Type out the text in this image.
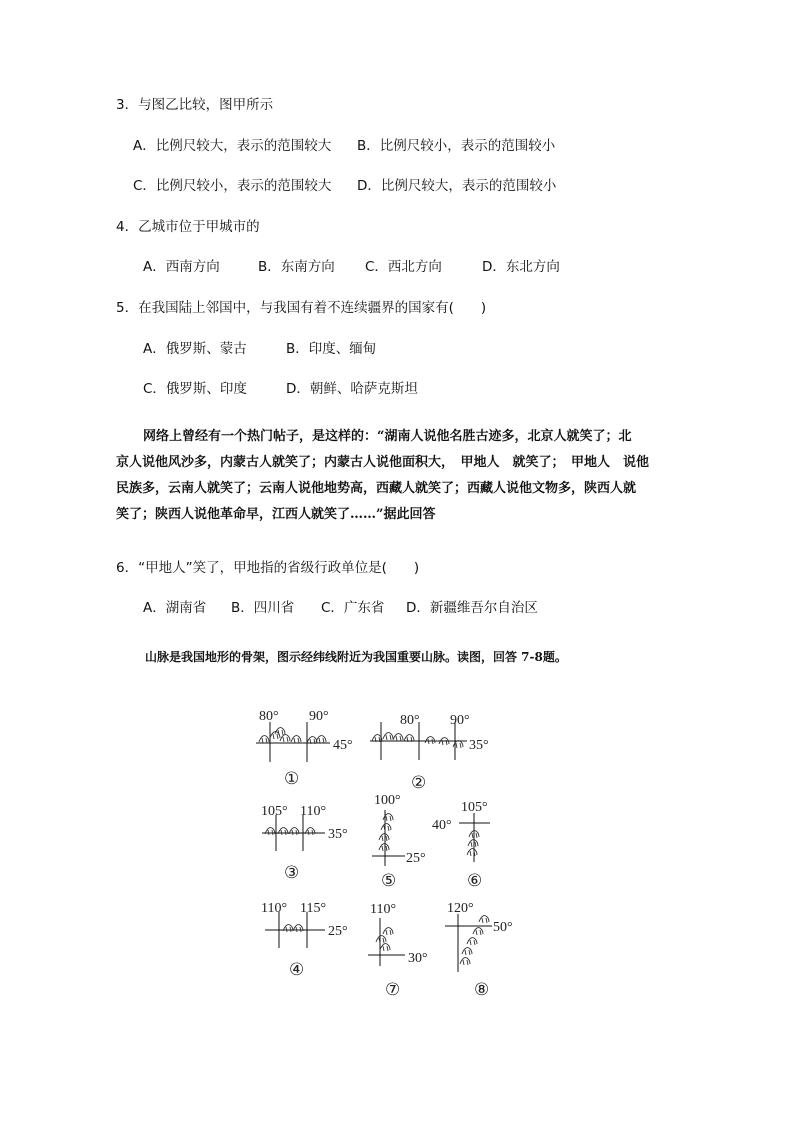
3．与图乙比较，图甲所示
A．比例尺较大，表示的范围较大 B．比例尺较小，表示的范围较小
C．比例尺较小，表示的范围较大 D．比例尺较大，表示的范围较小
4．乙城市位于甲城市的
A．西南方向	B．东南方向 C．西北方向	D．东北方向
5．在我国陆上邻国中，与我国有着不连续疆界的国家有(　　)
A．俄罗斯、蒙古	B．印度、缅甸
C．俄罗斯、印度	D．朝鲜、哈萨克斯坦
网络上曾经有一个热门帖子，是这样的：“湖南人说他名胜古迹多，北京人就笑了；北
京人说他风沙多，内蒙古人就笑了；内蒙古人说他面积大，　甲地人　就笑了；　甲地人　说他
民族多，云南人就笑了；云南人说他地势高，西藏人就笑了；西藏人说他文物多，陕西人就
笑了；陕西人说他革命早，江西人就笑了……”据此回答
6．“甲地人”笑了，甲地指的省级行政单位是(　　)
A．湖南省 B．四川省 C．广东省 D．新疆维吾尔自治区
山脉是我国地形的骨架，图示经纬线附近为我国重要山脉。读图，回答 7-8题。
80° 90°
45°
①
80° 90°
35°
②
105° 110°
35°
③
100°
25°
⑤
105°
40°
⑥
110° 115°
25°
④
110°
30°
⑦
120°
50°
⑧
